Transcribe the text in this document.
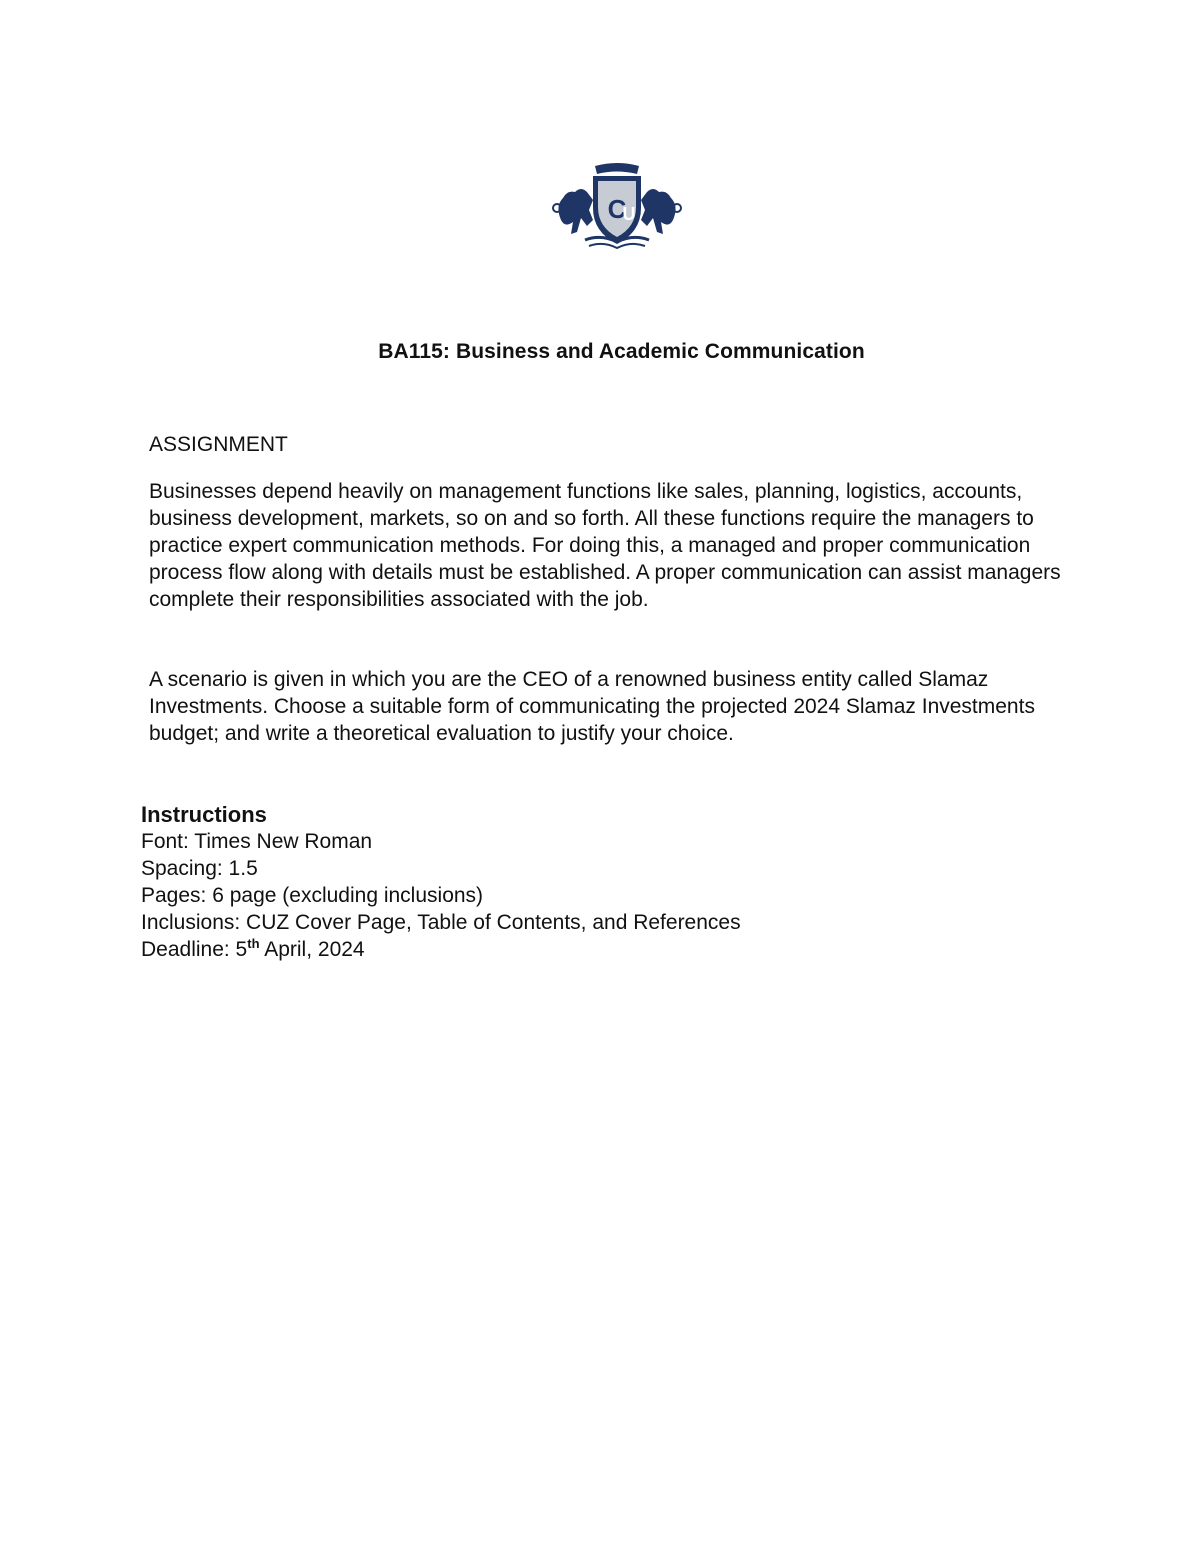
C
U
BA115: Business and Academic Communication
ASSIGNMENT

Businesses depend heavily on management functions like sales, planning, logistics, accounts, business development, markets, so on and so forth. All these functions require the managers to practice expert communication methods. For doing this, a managed and proper communication process flow along with details must be established. A proper communication can assist managers complete their responsibilities associated with the job.

A scenario is given in which you are the CEO of a renowned business entity called Slamaz Investments. Choose a suitable form of communicating the projected 2024 Slamaz Investments budget; and write a theoretical evaluation to justify your choice.

Instructions
Font: Times New Roman
Spacing: 1.5
Pages: 6 page (excluding inclusions)
Inclusions: CUZ Cover Page, Table of Contents, and References
Deadline: 5th April, 2024
